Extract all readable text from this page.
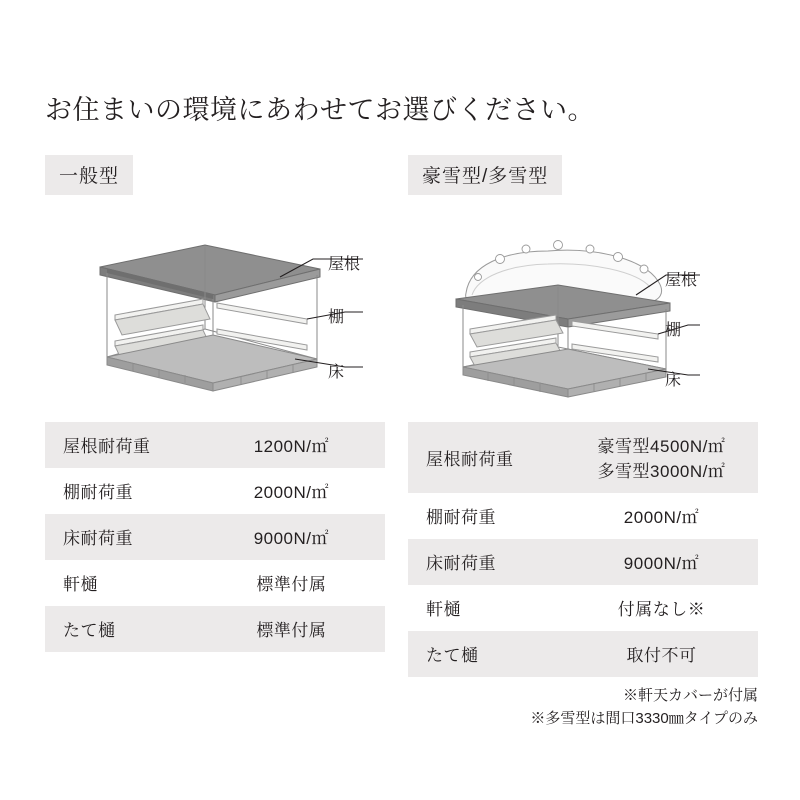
お住まいの環境にあわせてお選びください。
一般型
屋根
棚
床
屋根耐荷重	1200N/㎡
棚耐荷重	2000N/㎡
床耐荷重	9000N/㎡
軒樋	標準付属
たて樋	標準付属
豪雪型/多雪型
屋根
棚
床
屋根耐荷重	豪雪型4500N/㎡
多雪型3000N/㎡

棚耐荷重	2000N/㎡
床耐荷重	9000N/㎡
軒樋	付属なし※
たて樋	取付不可
※軒天カバーが付属
※多雪型は間口3330㎜タイプのみ
